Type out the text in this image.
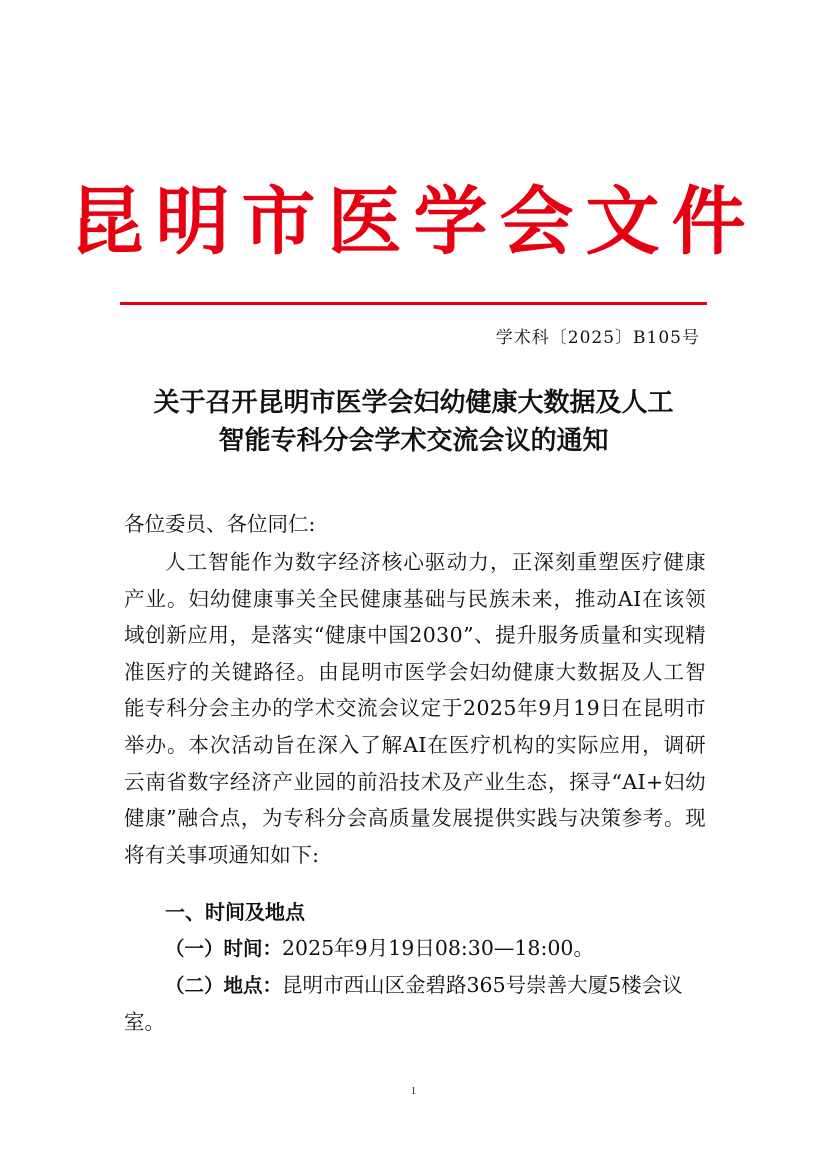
昆明市医学会文件
学术科〔2025〕B105号
关于召开昆明市医学会妇幼健康大数据及人工
智能专科分会学术交流会议的通知
各位委员、各位同仁:
人工智能作为数字经济核心驱动力，正深刻重塑医疗健康产业。妇幼健康事关全民健康基础与民族未来，推动AI在该领域创新应用，是落实“健康中国2030”、提升服务质量和实现精准医疗的关键路径。由昆明市医学会妇幼健康大数据及人工智能专科分会主办的学术交流会议定于2025年9月19日在昆明市举办。本次活动旨在深入了解AI在医疗机构的实际应用，调研云南省数字经济产业园的前沿技术及产业生态，探寻“AI+妇幼健康”融合点，为专科分会高质量发展提供实践与决策参考。现将有关事项通知如下:
一、时间及地点
（一）时间：2025年9月19日08:30—18:00。
（二）地点：昆明市西山区金碧路365号崇善大厦5楼会议室。
1
